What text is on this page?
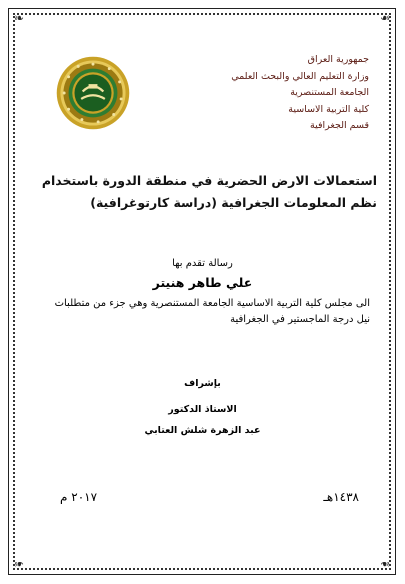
❧	❧
❧	❧
جمهورية العراق
وزارة التعليم العالي والبحث العلمي
الجامعة المستنصرية
كلية التربية الاساسية
قسم الجغرافية
استعمالات الارض الحضرية في منطقة الدورة باستخدام نظم المعلومات الجغرافية (دراسة كارتوغرافية)
رسالة تقدم بها
علي طاهر هنيتر
الى مجلس كلية التربية الاساسية الجامعة المستنصرية وهي جزء من متطلبات نيل درجة الماجستير في الجغرافية
بإشراف
الاستاذ الدكتور
عبد الزهرة شلش العتابي
١٤٣٨هـ
٢٠١٧ م
